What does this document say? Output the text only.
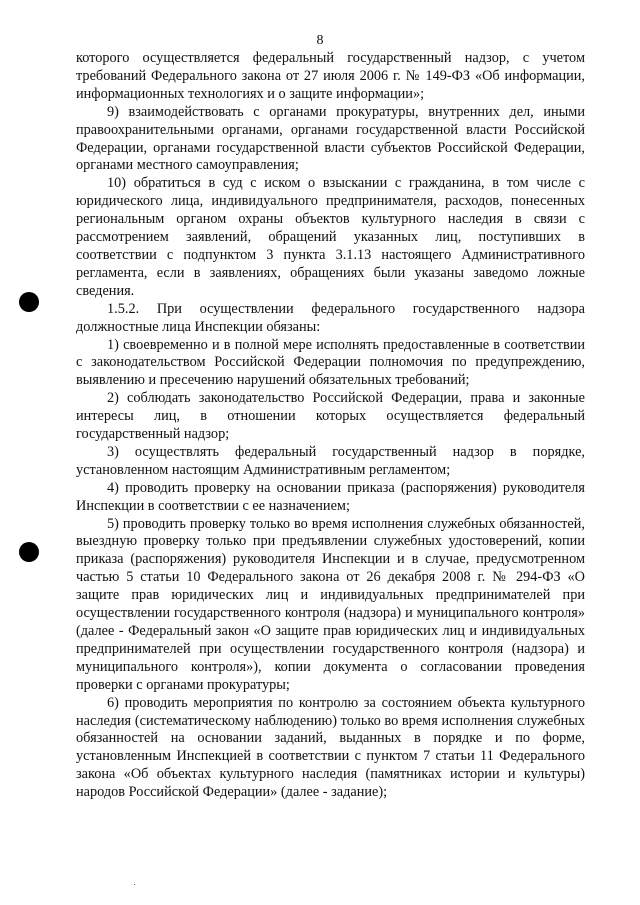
8

которого осуществляется федеральный государственный надзор, с учетом требований Федерального закона от 27 июля 2006 г. № 149-ФЗ «Об информации, информационных технологиях и о защите информации»;

9) взаимодействовать с органами прокуратуры, внутренних дел, иными правоохранительными органами, органами государственной власти Российской Федерации, органами государственной власти субъектов Российской Федерации, органами местного самоуправления;

10) обратиться в суд с иском о взыскании с гражданина, в том числе с юридического лица, индивидуального предпринимателя, расходов, понесенных региональным органом охраны объектов культурного наследия в связи с рассмотрением заявлений, обращений указанных лиц, поступивших в соответствии с подпунктом 3 пункта 3.1.13 настоящего Административного регламента, если в заявлениях, обращениях были указаны заведомо ложные сведения.

1.5.2. При осуществлении федерального государственного надзора должностные лица Инспекции обязаны:

1) своевременно и в полной мере исполнять предоставленные в соответствии с законодательством Российской Федерации полномочия по предупреждению, выявлению и пресечению нарушений обязательных требований;

2) соблюдать законодательство Российской Федерации, права и законные интересы лиц, в отношении которых осуществляется федеральный государственный надзор;

3) осуществлять федеральный государственный надзор в порядке, установленном настоящим Административным регламентом;

4) проводить проверку на основании приказа (распоряжения) руководителя Инспекции в соответствии с ее назначением;

5) проводить проверку только во время исполнения служебных обязанностей, выездную проверку только при предъявлении служебных удостоверений, копии приказа (распоряжения) руководителя Инспекции и в случае, предусмотренном частью 5 статьи 10 Федерального закона от 26 декабря 2008 г. № 294-ФЗ «О защите прав юридических лиц и индивидуальных предпринимателей при осуществлении государственного контроля (надзора) и муниципального контроля» (далее - Федеральный закон «О защите прав юридических лиц и индивидуальных предпринимателей при осуществлении государственного контроля (надзора) и муниципального контроля»), копии документа о согласовании проведения проверки с органами прокуратуры;

6) проводить мероприятия по контролю за состоянием объекта культурного наследия (систематическому наблюдению) только во время исполнения служебных обязанностей на основании заданий, выданных в порядке и по форме, установленным Инспекцией в соответствии с пунктом 7 статьи 11 Федерального закона «Об объектах культурного наследия (памятниках истории и культуры) народов Российской Федерации» (далее - задание);
